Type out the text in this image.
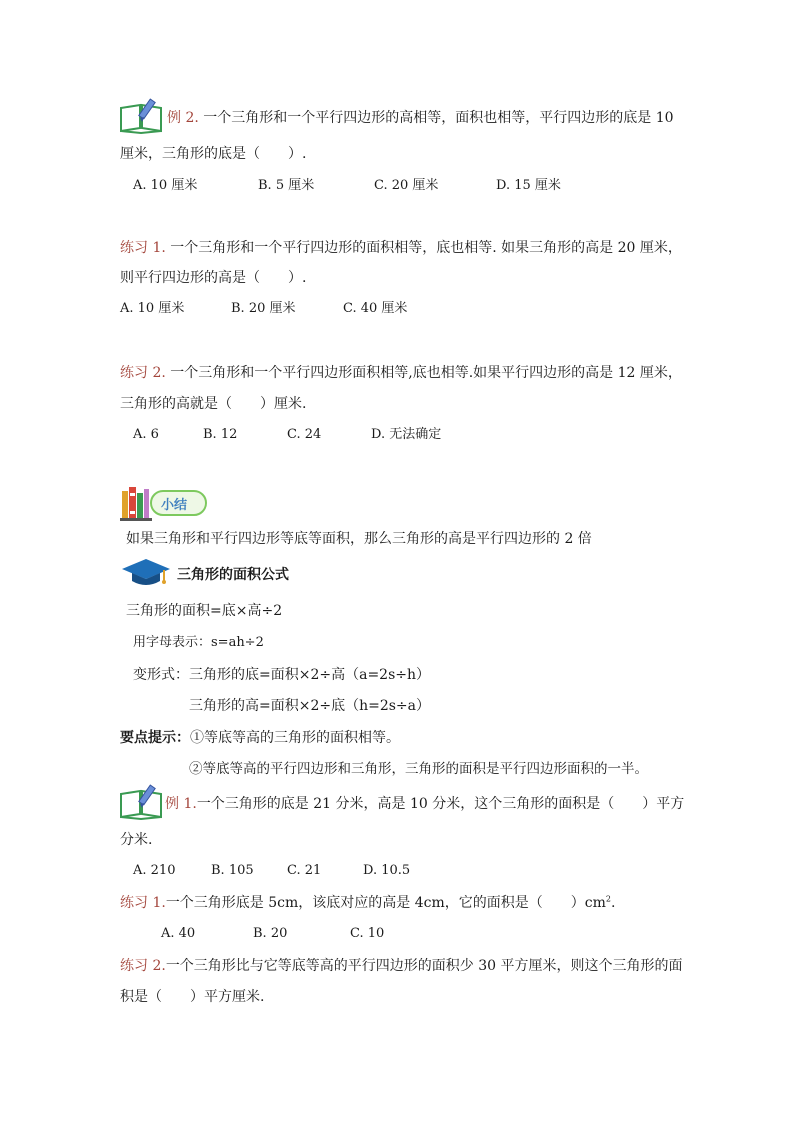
例 2. 一个三角形和一个平行四边形的高相等，面积也相等，平行四边形的底是 10
厘米，三角形的底是（　　）.
A. 10 厘米	B. 5 厘米	C. 20 厘米	D. 15 厘米
练习 1. 一个三角形和一个平行四边形的面积相等，底也相等. 如果三角形的高是 20 厘米，
则平行四边形的高是（　　）.
A. 10 厘米	B. 20 厘米	C. 40 厘米
练习 2. 一个三角形和一个平行四边形面积相等,底也相等.如果平行四边形的高是 12 厘米，
三角形的高就是（　　）厘米.
A. 6	B. 12	C. 24	D. 无法确定
小结
如果三角形和平行四边形等底等面积，那么三角形的高是平行四边形的 2 倍
三角形的面积公式
三角形的面积=底×高÷2
用字母表示：s=ah÷2
变形式：三角形的底=面积×2÷高（a=2s÷h）
三角形的高=面积×2÷底（h=2s÷a）
要点提示：①等底等高的三角形的面积相等。
②等底等高的平行四边形和三角形，三角形的面积是平行四边形面积的一半。
例 1.一个三角形的底是 21 分米，高是 10 分米，这个三角形的面积是（　　）平方
分米.
A. 210	B. 105	C. 21	D. 10.5
练习 1.一个三角形底是 5cm，该底对应的高是 4cm，它的面积是（　　）$cm^2$.
A. 40	B. 20	C. 10
练习 2.一个三角形比与它等底等高的平行四边形的面积少 30 平方厘米，则这个三角形的面
积是（　　）平方厘米.
